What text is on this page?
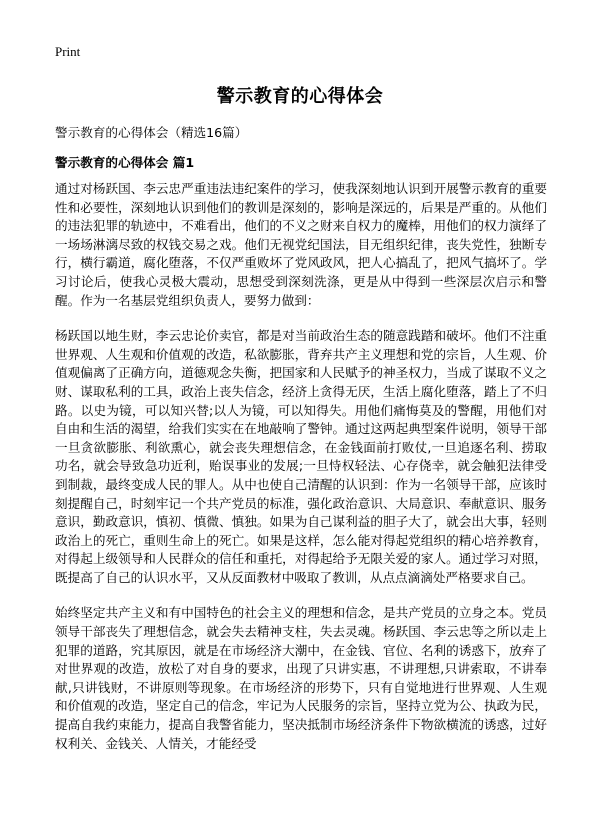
Print
警示教育的心得体会
警示教育的心得体会（精选16篇）
警示教育的心得体会 篇1

通过对杨跃国、李云忠严重违法违纪案件的学习，使我深刻地认识到开展警示教育的重要性和必要性，深刻地认识到他们的教训是深刻的，影响是深远的，后果是严重的。从他们的违法犯罪的轨迹中，不难看出，他们的不义之财来自权力的魔棒，用他们的权力演绎了一场场淋漓尽致的权钱交易之戏。他们无视党纪国法，目无组织纪律，丧失党性，独断专行，横行霸道，腐化堕落，不仅严重败坏了党风政风，把人心搞乱了，把风气搞坏了。学习讨论后，使我心灵极大震动，思想受到深刻洗涤，更是从中得到一些深层次启示和警醒。作为一名基层党组织负责人，要努力做到：

杨跃国以地生财，李云忠论价卖官，都是对当前政治生态的随意践踏和破坏。他们不注重世界观、人生观和价值观的改造，私欲膨胀，背弃共产主义理想和党的宗旨，人生观、价值观偏离了正确方向，道德观念失衡，把国家和人民赋予的神圣权力，当成了谋取不义之财、谋取私利的工具，政治上丧失信念，经济上贪得无厌，生活上腐化堕落，踏上了不归路。以史为镜，可以知兴替;以人为镜，可以知得失。用他们痛悔莫及的警醒，用他们对自由和生活的渴望，给我们实实在在地敲响了警钟。通过这两起典型案件说明，领导干部一旦贪欲膨胀、利欲熏心，就会丧失理想信念，在金钱面前打败仗,一旦追逐名利、捞取功名，就会导致急功近利，贻误事业的发展;一旦恃权轻法、心存侥幸，就会触犯法律受到制裁，最终变成人民的罪人。从中也使自己清醒的认识到：作为一名领导干部，应该时刻提醒自己，时刻牢记一个共产党员的标准，强化政治意识、大局意识、奉献意识、服务意识，勤政意识，慎初、慎微、慎独。如果为自己谋利益的胆子大了，就会出大事，轻则政治上的死亡，重则生命上的死亡。如果是这样，怎么能对得起党组织的精心培养教育，对得起上级领导和人民群众的信任和重托，对得起给予无限关爱的家人。通过学习对照，既提高了自己的认识水平，又从反面教材中吸取了教训，从点点滴滴处严格要求自己。

始终坚定共产主义和有中国特色的社会主义的理想和信念，是共产党员的立身之本。党员领导干部丧失了理想信念，就会失去精神支柱，失去灵魂。杨跃国、李云忠等之所以走上犯罪的道路，究其原因，就是在市场经济大潮中，在金钱、官位、名利的诱惑下，放弃了对世界观的改造，放松了对自身的要求，出现了只讲实惠，不讲理想,只讲索取，不讲奉献,只讲钱财，不讲原则等现象。在市场经济的形势下，只有自觉地进行世界观、人生观和价值观的改造，坚定自己的信念，牢记为人民服务的宗旨，坚持立党为公、执政为民，提高自我约束能力，提高自我警省能力，坚决抵制市场经济条件下物欲横流的诱惑，过好权利关、金钱关、人情关，才能经受
